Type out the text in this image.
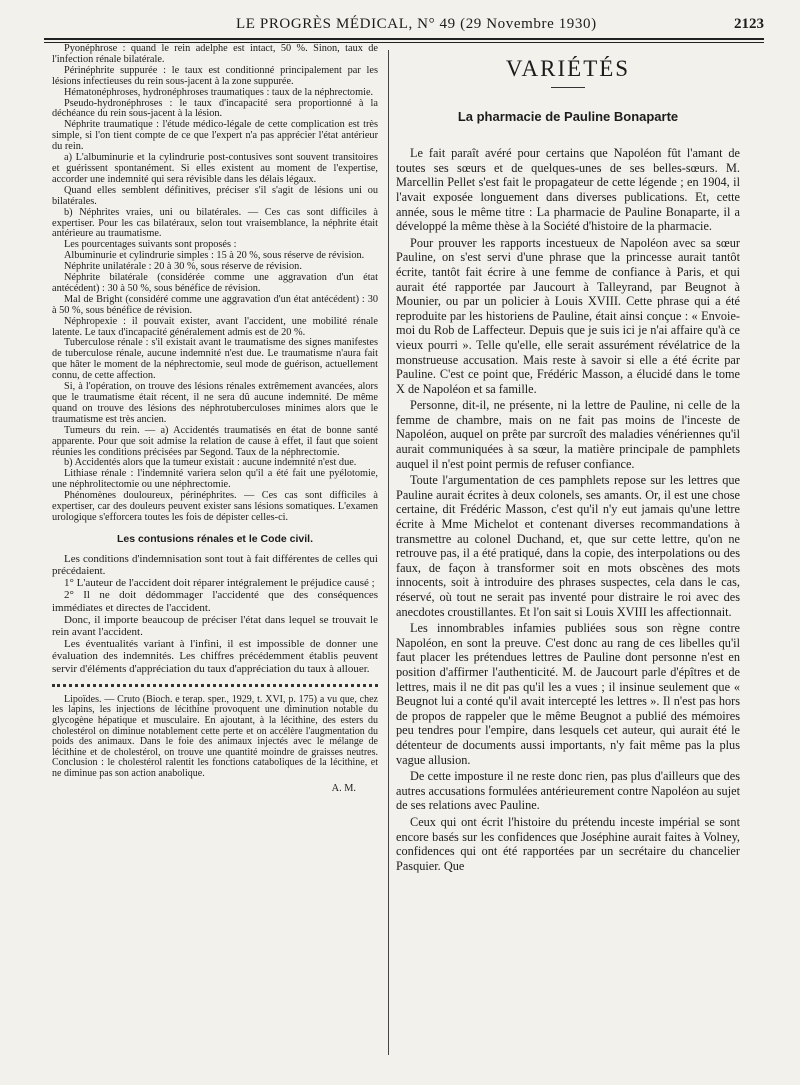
LE PROGRÈS MÉDICAL, N° 49 (29 Novembre 1930)	2123

Pyonéphrose : quand le rein adelphe est intact, 50 %. Sinon, taux de l'infection rénale bilatérale.

Périnéphrite suppurée : le taux est conditionné principalement par les lésions infectieuses du rein sous-jacent à la zone suppurée.

Hématonéphroses, hydronéphroses traumatiques : taux de la néphrectomie.

Pseudo-hydronéphroses : le taux d'incapacité sera proportionné à la déchéance du rein sous-jacent à la lésion.

Néphrite traumatique : l'étude médico-légale de cette complication est très simple, si l'on tient compte de ce que l'expert n'a pas apprécier l'état antérieur du rein.

a) L'albuminurie et la cylindrurie post-contusives sont souvent transitoires et guérissent spontanément. Si elles existent au moment de l'expertise, accorder une indemnité qui sera révisible dans les délais légaux.

Quand elles semblent définitives, préciser s'il s'agit de lésions uni ou bilatérales.

b) Néphrites vraies, uni ou bilatérales. — Ces cas sont difficiles à expertiser. Pour les cas bilatéraux, selon tout vraisemblance, la néphrite était antérieure au traumatisme.

Les pourcentages suivants sont proposés :

Albuminurie et cylindrurie simples : 15 à 20 %, sous réserve de révision.

Néphrite unilatérale : 20 à 30 %, sous réserve de révision.

Néphrite bilatérale (considérée comme une aggravation d'un état antécédent) : 30 à 50 %, sous bénéfice de révision.

Mal de Bright (considéré comme une aggravation d'un état antécédent) : 30 à 50 %, sous bénéfice de révision.

Néphropexie : il pouvait exister, avant l'accident, une mobilité rénale latente. Le taux d'incapacité généralement admis est de 20 %.

Tuberculose rénale : s'il existait avant le traumatisme des signes manifestes de tuberculose rénale, aucune indemnité n'est due. Le traumatisme n'aura fait que hâter le moment de la néphrectomie, seul mode de guérison, actuellement connu, de cette affection.

Si, à l'opération, on trouve des lésions rénales extrêmement avancées, alors que le traumatisme était récent, il ne sera dû aucune indemnité. De même quand on trouve des lésions des néphrotuberculoses minimes alors que le traumatisme est très ancien.

Tumeurs du rein. — a) Accidentés traumatisés en état de bonne santé apparente. Pour que soit admise la relation de cause à effet, il faut que soient réunies les conditions précisées par Segond. Taux de la néphrectomie.

b) Accidentés alors que la tumeur existait : aucune indemnité n'est due.

Lithiase rénale : l'indemnité variera selon qu'il a été fait une pyélotomie, une néphrolitectomie ou une néphrectomie.

Phénomènes douloureux, périnéphrites. — Ces cas sont difficiles à expertiser, car des douleurs peuvent exister sans lésions somatiques. L'examen urologique s'efforcera toutes les fois de dépister celles-ci.

Les contusions rénales et le Code civil.

Les conditions d'indemnisation sont tout à fait différentes de celles qui précédaient.

1° L'auteur de l'accident doit réparer intégralement le préjudice causé ;

2° Il ne doit dédommager l'accidenté que des conséquences immédiates et directes de l'accident.

Donc, il importe beaucoup de préciser l'état dans lequel se trouvait le rein avant l'accident.

Les éventualités variant à l'infini, il est impossible de donner une évaluation des indemnités. Les chiffres précédemment établis peuvent servir d'éléments d'appréciation du taux d'appréciation du taux à allouer.

Lipoïdes. — Cruto (Bioch. e terap. sper., 1929, t. XVI, p. 175) a vu que, chez les lapins, les injections de lécithine provoquent une diminution notable du glycogène hépatique et musculaire. En ajoutant, à la lécithine, des esters du cholestérol on diminue notablement cette perte et on accélère l'augmentation du poids des animaux. Dans le foie des animaux injectés avec le mélange de lécithine et de cholestérol, on trouve une quantité moindre de graisses neutres. Conclusion : le cholestérol ralentit les fonctions cataboliques de la lécithine, et ne diminue pas son action anabolique.

A. M.

VARIÉTÉS
La pharmacie de Pauline Bonaparte

Le fait paraît avéré pour certains que Napoléon fût l'amant de toutes ses sœurs et de quelques-unes de ses belles-sœurs. M. Marcellin Pellet s'est fait le propagateur de cette légende ; en 1904, il l'avait exposée longuement dans diverses publications. Et, cette année, sous le même titre : La pharmacie de Pauline Bonaparte, il a développé la même thèse à la Société d'histoire de la pharmacie.

Pour prouver les rapports incestueux de Napoléon avec sa sœur Pauline, on s'est servi d'une phrase que la princesse aurait tantôt écrite, tantôt fait écrire à une femme de confiance à Paris, et qui aurait été rapportée par Jaucourt à Talleyrand, par Beugnot à Mounier, ou par un policier à Louis XVIII. Cette phrase qui a été reproduite par les historiens de Pauline, était ainsi conçue : « Envoie-moi du Rob de Laffecteur. Depuis que je suis ici je n'ai affaire qu'à ce vieux pourri ». Telle qu'elle, elle serait assurément révélatrice de la monstrueuse accusation. Mais reste à savoir si elle a été écrite par Pauline. C'est ce point que, Frédéric Masson, a élucidé dans le tome X de Napoléon et sa famille.

Personne, dit-il, ne présente, ni la lettre de Pauline, ni celle de la femme de chambre, mais on ne fait pas moins de l'inceste de Napoléon, auquel on prête par surcroît des maladies vénériennes qu'il aurait communiquées à sa sœur, la matière principale de pamphlets auquel il n'est point permis de refuser confiance.

Toute l'argumentation de ces pamphlets repose sur les lettres que Pauline aurait écrites à deux colonels, ses amants. Or, il est une chose certaine, dit Frédéric Masson, c'est qu'il n'y eut jamais qu'une lettre écrite à Mme Michelot et contenant diverses recommandations à transmettre au colonel Duchand, et, que sur cette lettre, qu'on ne retrouve pas, il a été pratiqué, dans la copie, des interpolations ou des faux, de façon à transformer soit en mots obscènes des mots innocents, soit à introduire des phrases suspectes, cela dans le cas, réservé, où tout ne serait pas inventé pour distraire le roi avec des anecdotes croustillantes. Et l'on sait si Louis XVIII les affectionnait.

Les innombrables infamies publiées sous son règne contre Napoléon, en sont la preuve. C'est donc au rang de ces libelles qu'il faut placer les prétendues lettres de Pauline dont personne n'est en position d'affirmer l'authenticité. M. de Jaucourt parle d'épîtres et de lettres, mais il ne dit pas qu'il les a vues ; il insinue seulement que « Beugnot lui a conté qu'il avait intercepté les lettres ». Il n'est pas hors de propos de rappeler que le même Beugnot a publié des mémoires peu tendres pour l'empire, dans lesquels cet auteur, qui aurait été le détenteur de documents aussi importants, n'y fait même pas la plus vague allusion.

De cette imposture il ne reste donc rien, pas plus d'ailleurs que des autres accusations formulées antérieurement contre Napoléon au sujet de ses relations avec Pauline.

Ceux qui ont écrit l'histoire du prétendu inceste impérial se sont encore basés sur les confidences que Joséphine aurait faites à Volney, confidences qui ont été rapportées par un secrétaire du chancelier Pasquier. Que
